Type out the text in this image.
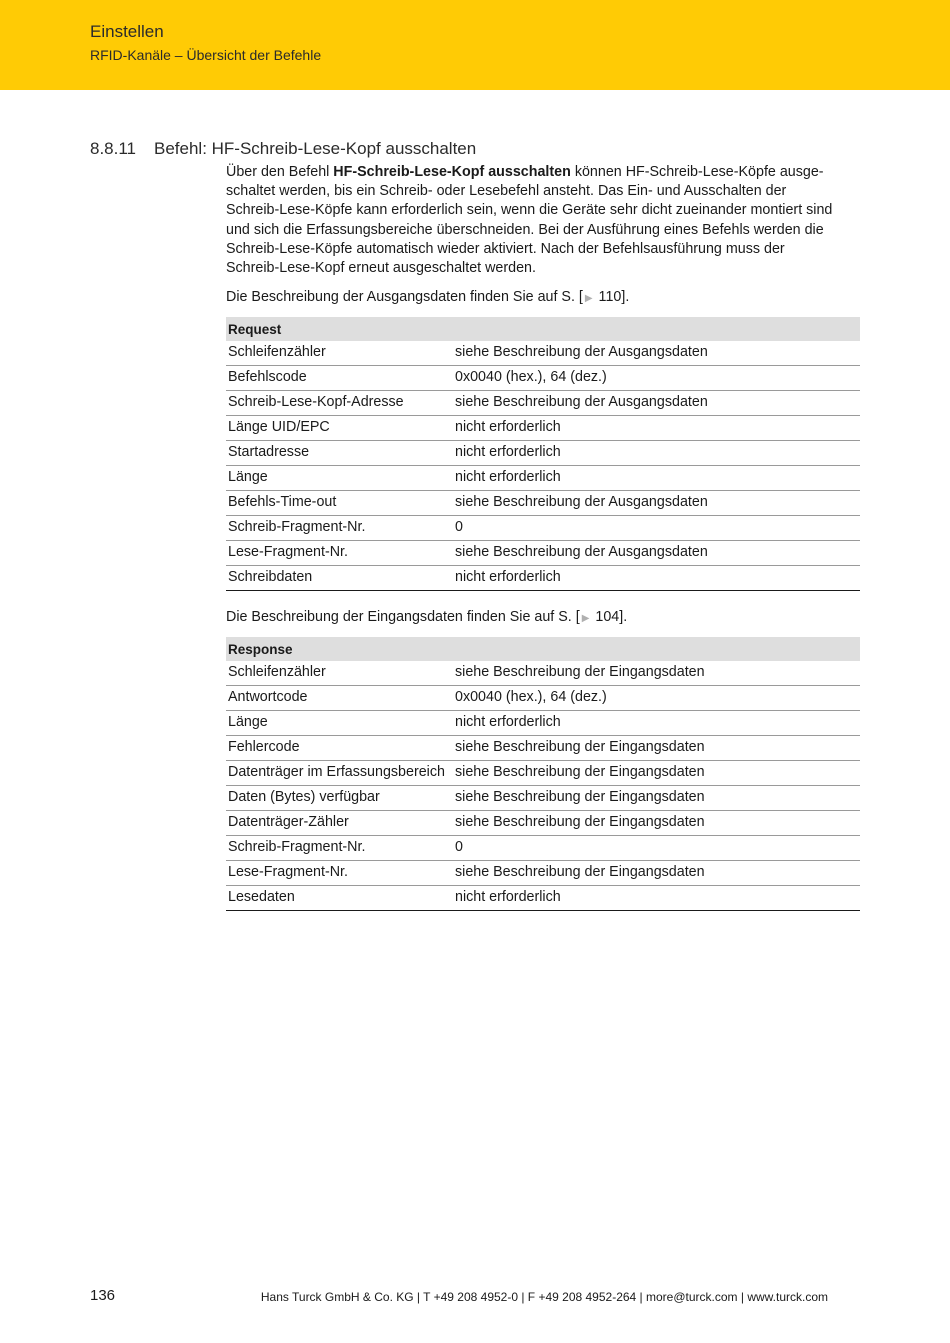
Einstellen
RFID-Kanäle – Übersicht der Befehle
8.8.11 Befehl: HF-Schreib-Lese-Kopf ausschalten

Über den Befehl HF-Schreib-Lese-Kopf ausschalten können HF-Schreib-Lese-Köpfe ausge-
schaltet werden, bis ein Schreib- oder Lesebefehl ansteht. Das Ein- und Ausschalten der
Schreib-Lese-Köpfe kann erforderlich sein, wenn die Geräte sehr dicht zueinander montiert sind
und sich die Erfassungsbereiche überschneiden. Bei der Ausführung eines Befehls werden die
Schreib-Lese-Köpfe automatisch wieder aktiviert. Nach der Befehlsausführung muss der
Schreib-Lese-Kopf erneut ausgeschaltet werden.

Die Beschreibung der Ausgangsdaten finden Sie auf S. [ ▶ 110].

Request	
Schleifenzähler	siehe Beschreibung der Ausgangsdaten
Befehlscode	0x0040 (hex.), 64 (dez.)
Schreib-Lese-Kopf-Adresse	siehe Beschreibung der Ausgangsdaten
Länge UID/EPC	nicht erforderlich
Startadresse	nicht erforderlich
Länge	nicht erforderlich
Befehls-Time-out	siehe Beschreibung der Ausgangsdaten
Schreib-Fragment-Nr.	0
Lese-Fragment-Nr.	siehe Beschreibung der Ausgangsdaten
Schreibdaten	nicht erforderlich

Die Beschreibung der Eingangsdaten finden Sie auf S. [ ▶ 104].

Response	
Schleifenzähler	siehe Beschreibung der Eingangsdaten
Antwortcode	0x0040 (hex.), 64 (dez.)
Länge	nicht erforderlich
Fehlercode	siehe Beschreibung der Eingangsdaten
Datenträger im Erfassungsbereich	siehe Beschreibung der Eingangsdaten
Daten (Bytes) verfügbar	siehe Beschreibung der Eingangsdaten
Datenträger-Zähler	siehe Beschreibung der Eingangsdaten
Schreib-Fragment-Nr.	0
Lese-Fragment-Nr.	siehe Beschreibung der Eingangsdaten
Lesedaten	nicht erforderlich
136	Hans Turck GmbH & Co. KG | T +49 208 4952-0 | F +49 208 4952-264 | more@turck.com | www.turck.com
